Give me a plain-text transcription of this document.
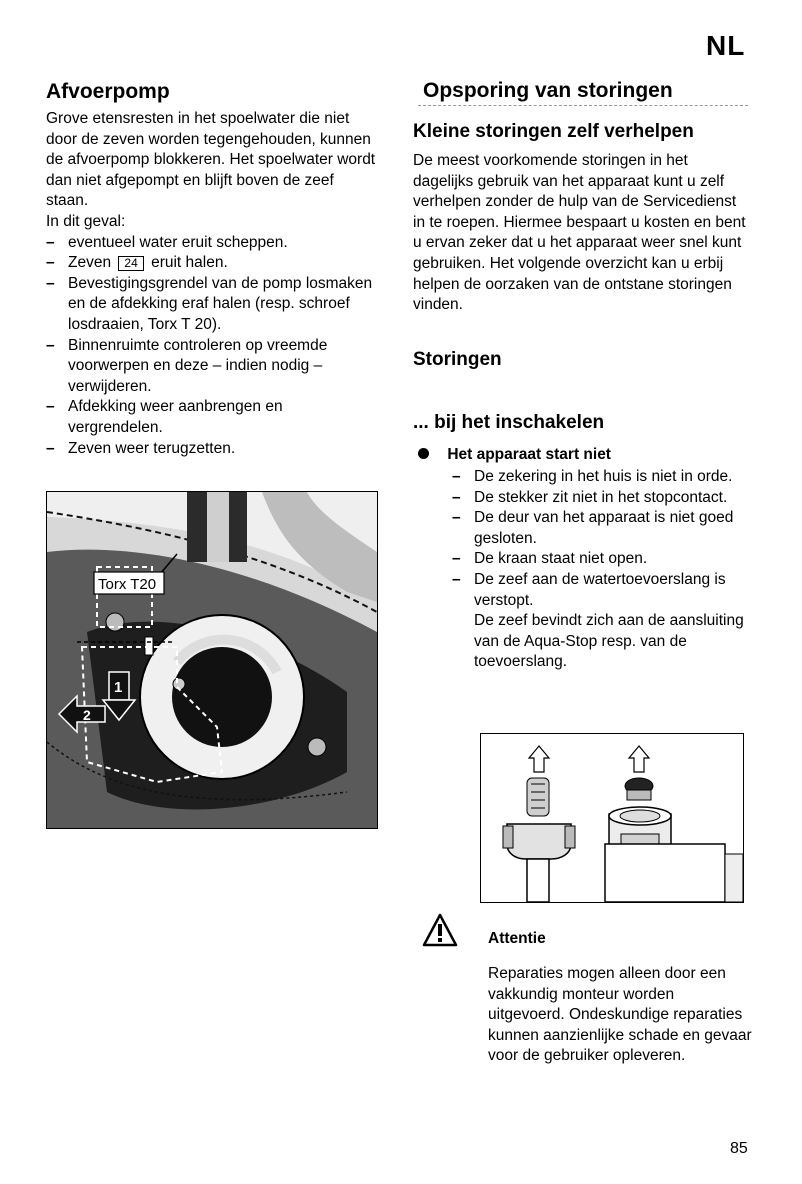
NL
Afvoerpomp
Grove etensresten in het spoelwater die niet door de zeven worden tegengehouden, kunnen de afvoerpomp blokkeren. Het spoelwater wordt dan niet afgepompt en blijft boven de zeef staan.
In dit geval:
– eventueel water eruit scheppen.
– Zeven 24 eruit halen.
– Bevestigingsgrendel van de pomp losmaken en de afdekking eraf halen (resp. schroef losdraaien, Torx T 20).
– Binnenruimte controleren op vreemde voorwerpen en deze – indien nodig – verwijderen.
– Afdekking weer aanbrengen en vergrendelen.
– Zeven weer terugzetten.
Torx T20
1
2
Opsporing van storingen
Kleine storingen zelf verhelpen
De meest voorkomende storingen in het dagelijks gebruik van het apparaat kunt u zelf verhelpen zonder de hulp van de Servicedienst in te roepen. Hiermee bespaart u kosten en bent u ervan zeker dat u het apparaat weer snel kunt gebruiken. Het volgende overzicht kan u erbij helpen de oorzaken van de ontstane storingen vinden.
Storingen
... bij het inschakelen
Het apparaat start niet
– De zekering in het huis is niet in orde.
– De stekker zit niet in het stopcontact.
– De deur van het apparaat is niet goed gesloten.
– De kraan staat niet open.
– De zeef aan de watertoevoerslang is verstopt.
De zeef bevindt zich aan de aansluiting van de Aqua-Stop resp. van de toevoerslang.
Attentie
Reparaties mogen alleen door een vakkundig monteur worden uitgevoerd. Ondeskundige reparaties kunnen aanzienlijke schade en gevaar voor de gebruiker opleveren.
85
